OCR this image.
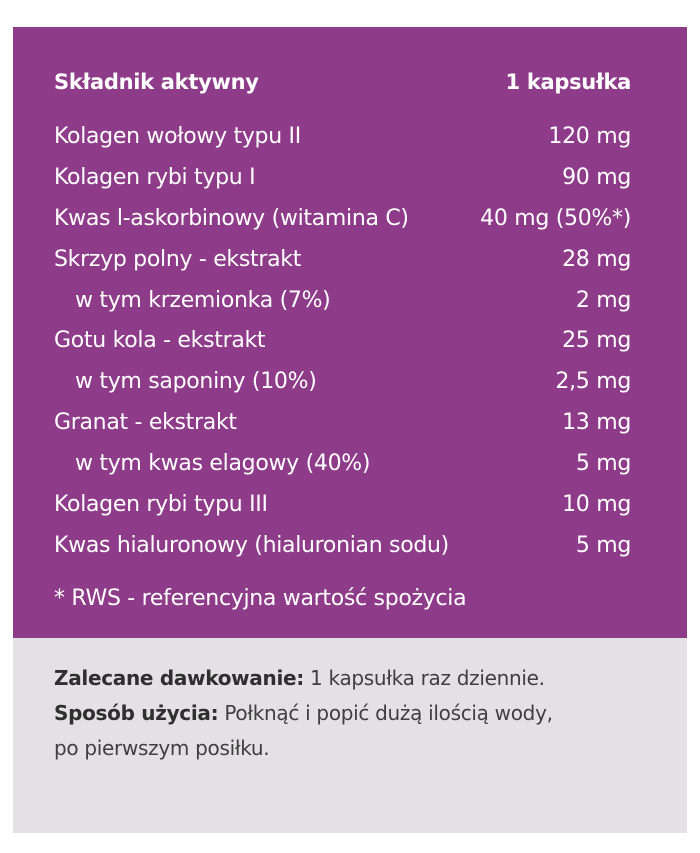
Składnik aktywny	1 kapsułka
Kolagen wołowy typu II	120 mg
Kolagen rybi typu I	90 mg
Kwas l-askorbinowy (witamina C)	40 mg (50%*)
Skrzyp polny - ekstrakt	28 mg
w tym krzemionka (7%)	2 mg
Gotu kola - ekstrakt	25 mg
w tym saponiny (10%)	2,5 mg
Granat - ekstrakt	13 mg
w tym kwas elagowy (40%)	5 mg
Kolagen rybi typu III	10 mg
Kwas hialuronowy (hialuronian sodu)	5 mg
* RWS - referencyjna wartość spożycia
Zalecane dawkowanie: 1 kapsułka raz dziennie.
Sposób użycia: Połknąć i popić dużą ilością wody,
po pierwszym posiłku.
